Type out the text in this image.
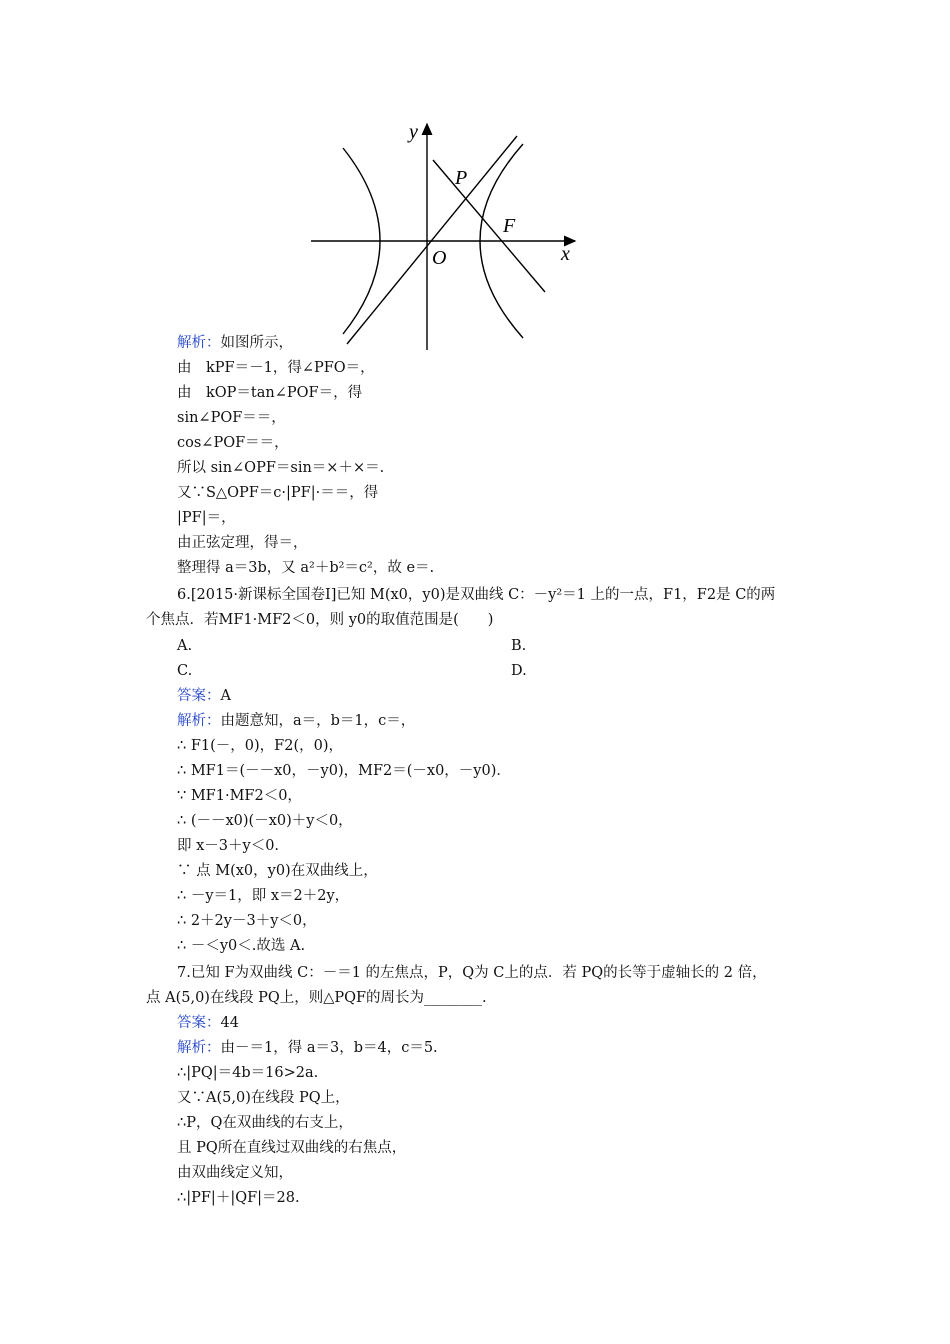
y
x
O
P
F
解析：如图所示，
由　kPF＝－1，得∠PFO＝，
由　kOP＝tan∠POF＝，得
sin∠POF＝＝，
cos∠POF＝＝，
所以 sin∠OPF＝sin＝×＋×＝.
又∵S△OPF＝c·|PF|·＝＝，得
|PF|＝，
由正弦定理，得＝，
整理得 a＝3b，又 a²＋b²＝c²，故 e＝.
6.[2015·新课标全国卷Ⅰ]已知 M(x0，y0)是双曲线 C：－y²＝1 上的一点，F1，F2是 C的两
个焦点．若MF1·MF2＜0，则 y0的取值范围是(　　)
A.	B.
C.	D.
答案：A
解析：由题意知，a＝，b＝1，c＝，
∴ F1(－，0)，F2(，0)，
∴ MF1＝(－－x0，－y0)，MF2＝(－x0，－y0)．
∵ MF1·MF2＜0，
∴ (－－x0)(－x0)＋y＜0，
即 x－3＋y＜0.
∵ 点 M(x0，y0)在双曲线上，
∴ －y＝1，即 x＝2＋2y，
∴ 2＋2y－3＋y＜0，
∴ －＜y0＜.故选 A.
7.已知 F为双曲线 C：－＝1 的左焦点，P，Q为 C上的点．若 PQ的长等于虚轴长的 2 倍，
点 A(5,0)在线段 PQ上，则△PQF的周长为________.
答案：44
解析：由－＝1，得 a＝3，b＝4，c＝5.
∴|PQ|＝4b＝16>2a.
又∵A(5,0)在线段 PQ上，
∴P，Q在双曲线的右支上，
且 PQ所在直线过双曲线的右焦点，
由双曲线定义知，
∴|PF|＋|QF|＝28.
